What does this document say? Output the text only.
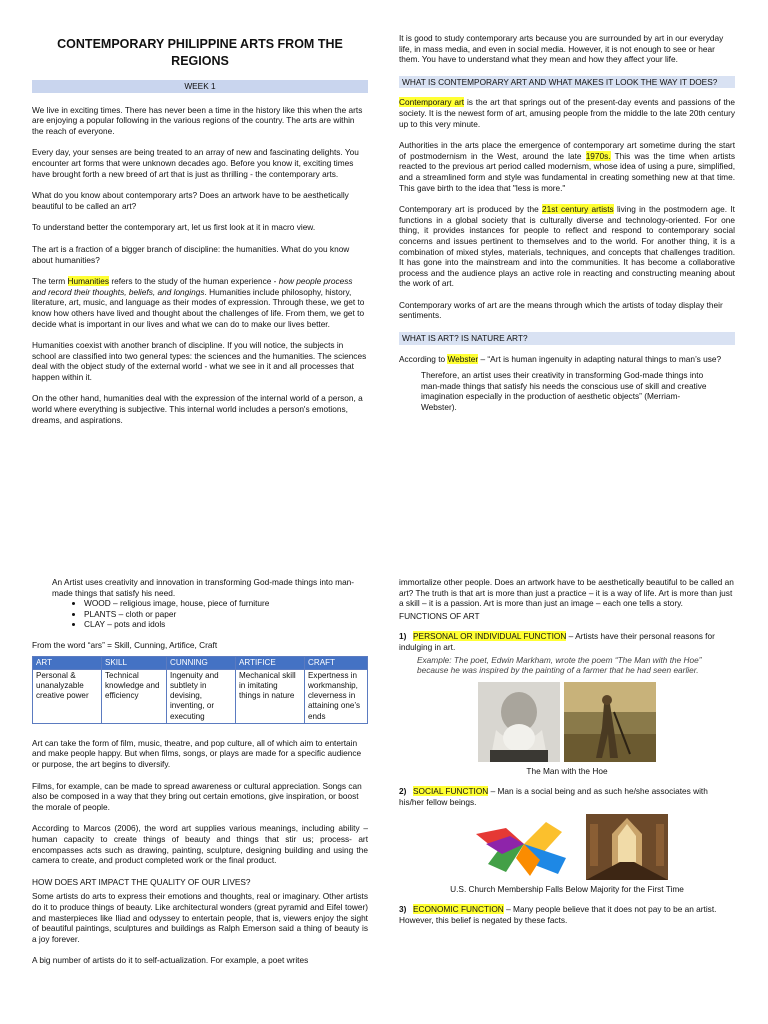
CONTEMPORARY PHILIPPINE ARTS FROM THE REGIONS
WEEK 1

We live in exciting times. There has never been a time in the history like this when the arts are enjoying a popular following in the various regions of the country. The arts are within the reach of everyone.

Every day, your senses are being treated to an array of new and fascinating delights. You encounter art forms that were unknown decades ago. Before you know it, exciting times have brought forth a new breed of art that is just as thrilling - the contemporary arts.

What do you know about contemporary arts? Does an artwork have to be aesthetically beautiful to be called an art?

To understand better the contemporary art, let us first look at it in macro view.

The art is a fraction of a bigger branch of discipline: the humanities. What do you know about humanities?

The term Humanities refers to the study of the human experience - how people process and record their thoughts, beliefs, and longings. Humanities include philosophy, history, literature, art, music, and language as their modes of expression. Through these, we get to know how others have lived and thought about the challenges of life. From them, we get to decide what is important in our lives and what we can do to make our lives better.

Humanities coexist with another branch of discipline. If you will notice, the subjects in school are classified into two general types: the sciences and the humanities. The sciences deal with the object study of the external world - what we see in it and all processes that happen within it.

On the other hand, humanities deal with the expression of the internal world of a person, a world where everything is subjective. This internal world includes a person's emotions, dreams, and aspirations.

It is good to study contemporary arts because you are surrounded by art in our everyday life, in mass media, and even in social media. However, it is not enough to see or hear them. You have to understand what they mean and how they affect your life.

WHAT IS CONTEMPORARY ART AND WHAT MAKES IT LOOK THE WAY IT DOES?

Contemporary art is the art that springs out of the present-day events and passions of the society. It is the newest form of art, amusing people from the middle to the late 20th century up to this very minute.

Authorities in the arts place the emergence of contemporary art sometime during the start of postmodernism in the West, around the late 1970s. This was the time when artists reacted to the previous art period called modernism, whose idea of using a pure, simplified, and a streamlined form and style was fundamental in creating something new at that time. This gave birth to the idea that "less is more."

Contemporary art is produced by the 21st century artists living in the postmodern age. It functions in a global society that is culturally diverse and technology-oriented. For one thing, it provides instances for people to reflect and respond to contemporary social concerns and issues pertinent to themselves and to the world. For another thing, it is a combination of mixed styles, materials, techniques, and concepts that challenges tradition. It has gone into the mainstream and into the communities. It has become a collaborative process and the audience plays an active role in reacting and constructing meaning about the work of art.

Contemporary works of art are the means through which the artists of today display their sentiments.

WHAT IS ART? IS NATURE ART?

According to Webster – “Art is human ingenuity in adapting natural things to man’s use?

Therefore, an artist uses their creativity in transforming God-made things into man-made things that satisfy his needs the conscious use of skill and creative imagination especially in the production of aesthetic objects” (Merriam-Webster).

An Artist uses creativity and innovation in transforming God-made things into man-made things that satisfy his need.

• WOOD – religious image, house, piece of furniture
• PLANTS – cloth or paper
• CLAY – pots and idols

From the word “ars” = Skill, Cunning, Artifice, Craft

ART	SKILL	CUNNING	ARTIFICE	CRAFT
Personal & unanalyzable creative power	Technical knowledge and efficiency	Ingenuity and subtlety in devising, inventing, or executing	Mechanical skill in imitating things in nature	Expertness in workmanship, cleverness in attaining one’s ends

Art can take the form of film, music, theatre, and pop culture, all of which aim to entertain and make people happy. But when films, songs, or plays are made for a specific audience or purpose, the art begins to diversify.

Films, for example, can be made to spread awareness or cultural appreciation. Songs can also be composed in a way that they bring out certain emotions, give inspiration, or boost the morale of people.

According to Marcos (2006), the word art supplies various meanings, including ability – human capacity to create things of beauty and things that stir us; process- art encompasses acts such as drawing, painting, sculpture, designing building and using the camera to create, and product completed work or the final product.

HOW DOES ART IMPACT THE QUALITY OF OUR LIVES?

Some artists do arts to express their emotions and thoughts, real or imaginary. Other artists do it to produce things of beauty. Like architectural wonders (great pyramid and Eifel tower) and masterpieces like Iliad and odyssey to entertain people, that is, viewers enjoy the sight of beautiful paintings, sculptures and buildings as Ralph Emerson said a thing of beauty is a joy forever.

A big number of artists do it to self-actualization. For example, a poet writes

immortalize other people. Does an artwork have to be aesthetically beautiful to be called an art? The truth is that art is more than just a practice – it is a way of life. Art is more than just a skill – it is a passion. Art is more than just an image – each one tells a story.

FUNCTIONS OF ART

1) PERSONAL OR INDIVIDUAL FUNCTION – Artists have their personal reasons for indulging in art.

Example: The poet, Edwin Markham, wrote the poem “The Man with the Hoe” because he was inspired by the painting of a farmer that he had seen earlier.

The Man with the Hoe

2) SOCIAL FUNCTION – Man is a social being and as such he/she associates with his/her fellow beings.

U.S. Church Membership Falls Below Majority for the First Time

3) ECONOMIC FUNCTION – Many people believe that it does not pay to be an artist. However, this belief is negated by these facts.
